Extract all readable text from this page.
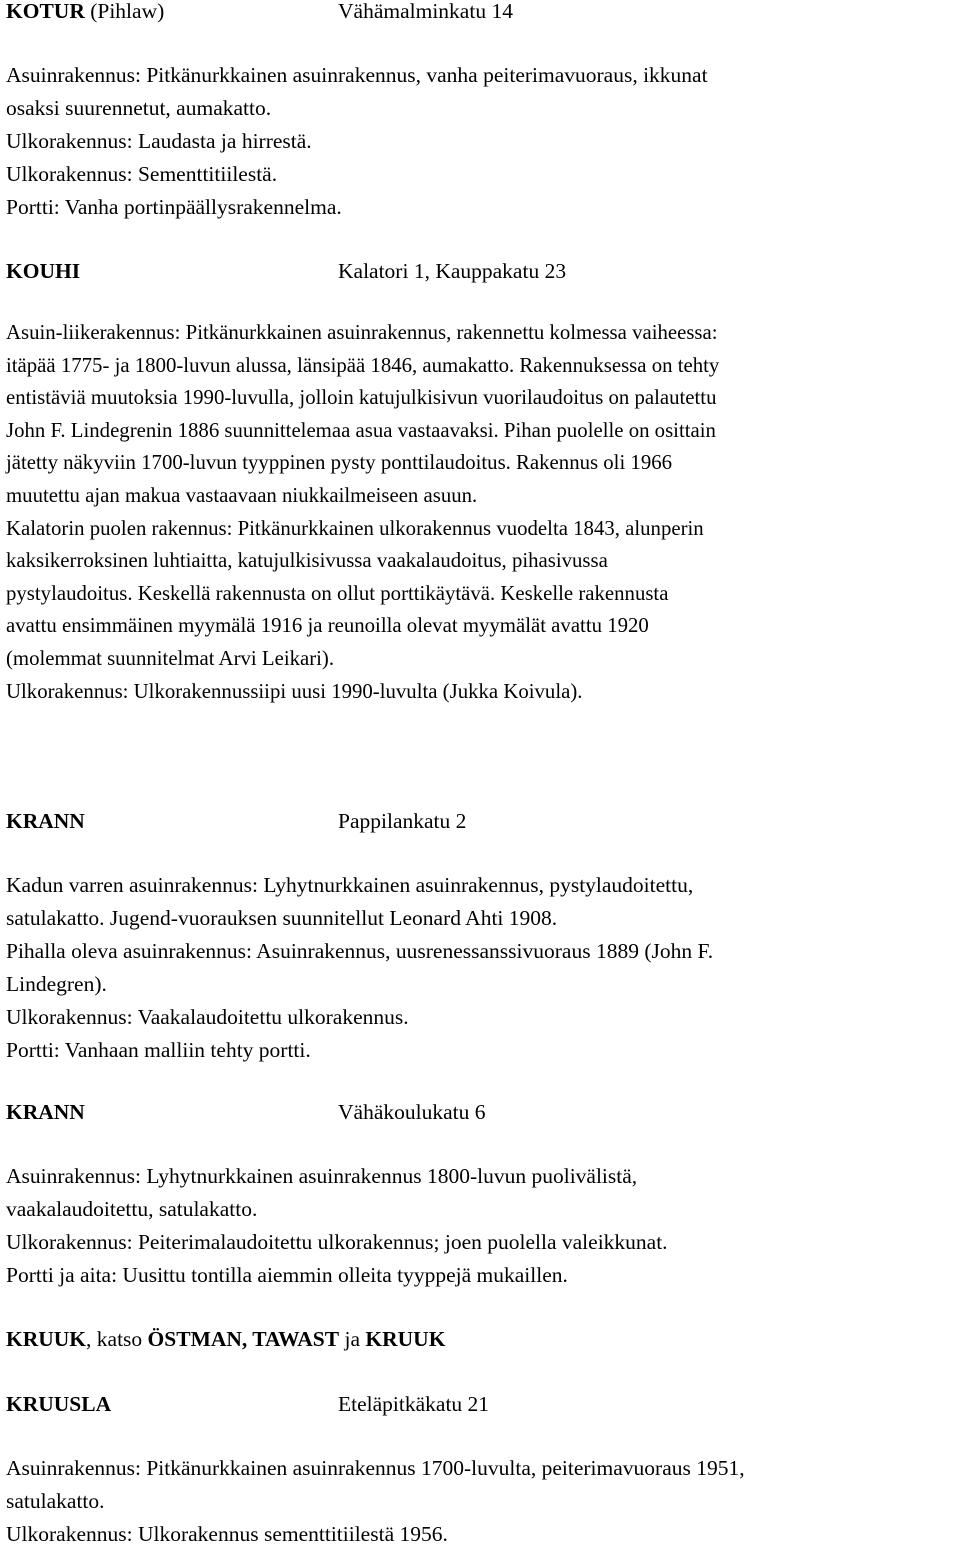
KOTUR (Pihlaw)	Vähämalminkatu 14
Asuinrakennus: Pitkänurkkainen asuinrakennus, vanha peiterimavuoraus, ikkunat
osaksi suurennetut, aumakatto.
Ulkorakennus: Laudasta ja hirrestä.
Ulkorakennus: Sementtitiilestä.
Portti: Vanha portinpäällysrakennelma.
KOUHI	Kalatori 1, Kauppakatu 23
Asuin-liikerakennus: Pitkänurkkainen asuinrakennus, rakennettu kolmessa vaiheessa:
itäpää 1775- ja 1800-luvun alussa, länsipää 1846, aumakatto. Rakennuksessa on tehty
entistäviä muutoksia 1990-luvulla, jolloin katujulkisivun vuorilaudoitus on palautettu
John F. Lindegrenin 1886 suunnittelemaa asua vastaavaksi. Pihan puolelle on osittain
jätetty näkyviin 1700-luvun tyyppinen pysty ponttilaudoitus. Rakennus oli 1966
muutettu ajan makua vastaavaan niukkailmeiseen asuun.
Kalatorin puolen rakennus: Pitkänurkkainen ulkorakennus vuodelta 1843, alunperin
kaksikerroksinen luhtiaitta, katujulkisivussa vaakalaudoitus, pihasivussa
pystylaudoitus. Keskellä rakennusta on ollut porttikäytävä. Keskelle rakennusta
avattu ensimmäinen myymälä 1916 ja reunoilla olevat myymälät avattu 1920
(molemmat suunnitelmat Arvi Leikari).
Ulkorakennus: Ulkorakennussiipi uusi 1990-luvulta (Jukka Koivula).
KRANN	Pappilankatu 2
Kadun varren asuinrakennus: Lyhytnurkkainen asuinrakennus, pystylaudoitettu,
satulakatto. Jugend-vuorauksen suunnitellut Leonard Ahti 1908.
Pihalla oleva asuinrakennus: Asuinrakennus, uusrenessanssivuoraus 1889 (John F.
Lindegren).
Ulkorakennus: Vaakalaudoitettu ulkorakennus.
Portti: Vanhaan malliin tehty portti.
KRANN	Vähäkoulukatu 6
Asuinrakennus: Lyhytnurkkainen asuinrakennus 1800-luvun puolivälistä,
vaakalaudoitettu, satulakatto.
Ulkorakennus: Peiterimalaudoitettu ulkorakennus; joen puolella valeikkunat.
Portti ja aita: Uusittu tontilla aiemmin olleita tyyppejä mukaillen.
KRUUK, katso ÖSTMAN, TAWAST ja KRUUK
KRUUSLA	Eteläpitkäkatu 21
Asuinrakennus: Pitkänurkkainen asuinrakennus 1700-luvulta, peiterimavuoraus 1951,
satulakatto.
Ulkorakennus: Ulkorakennus sementtitiilestä 1956.
